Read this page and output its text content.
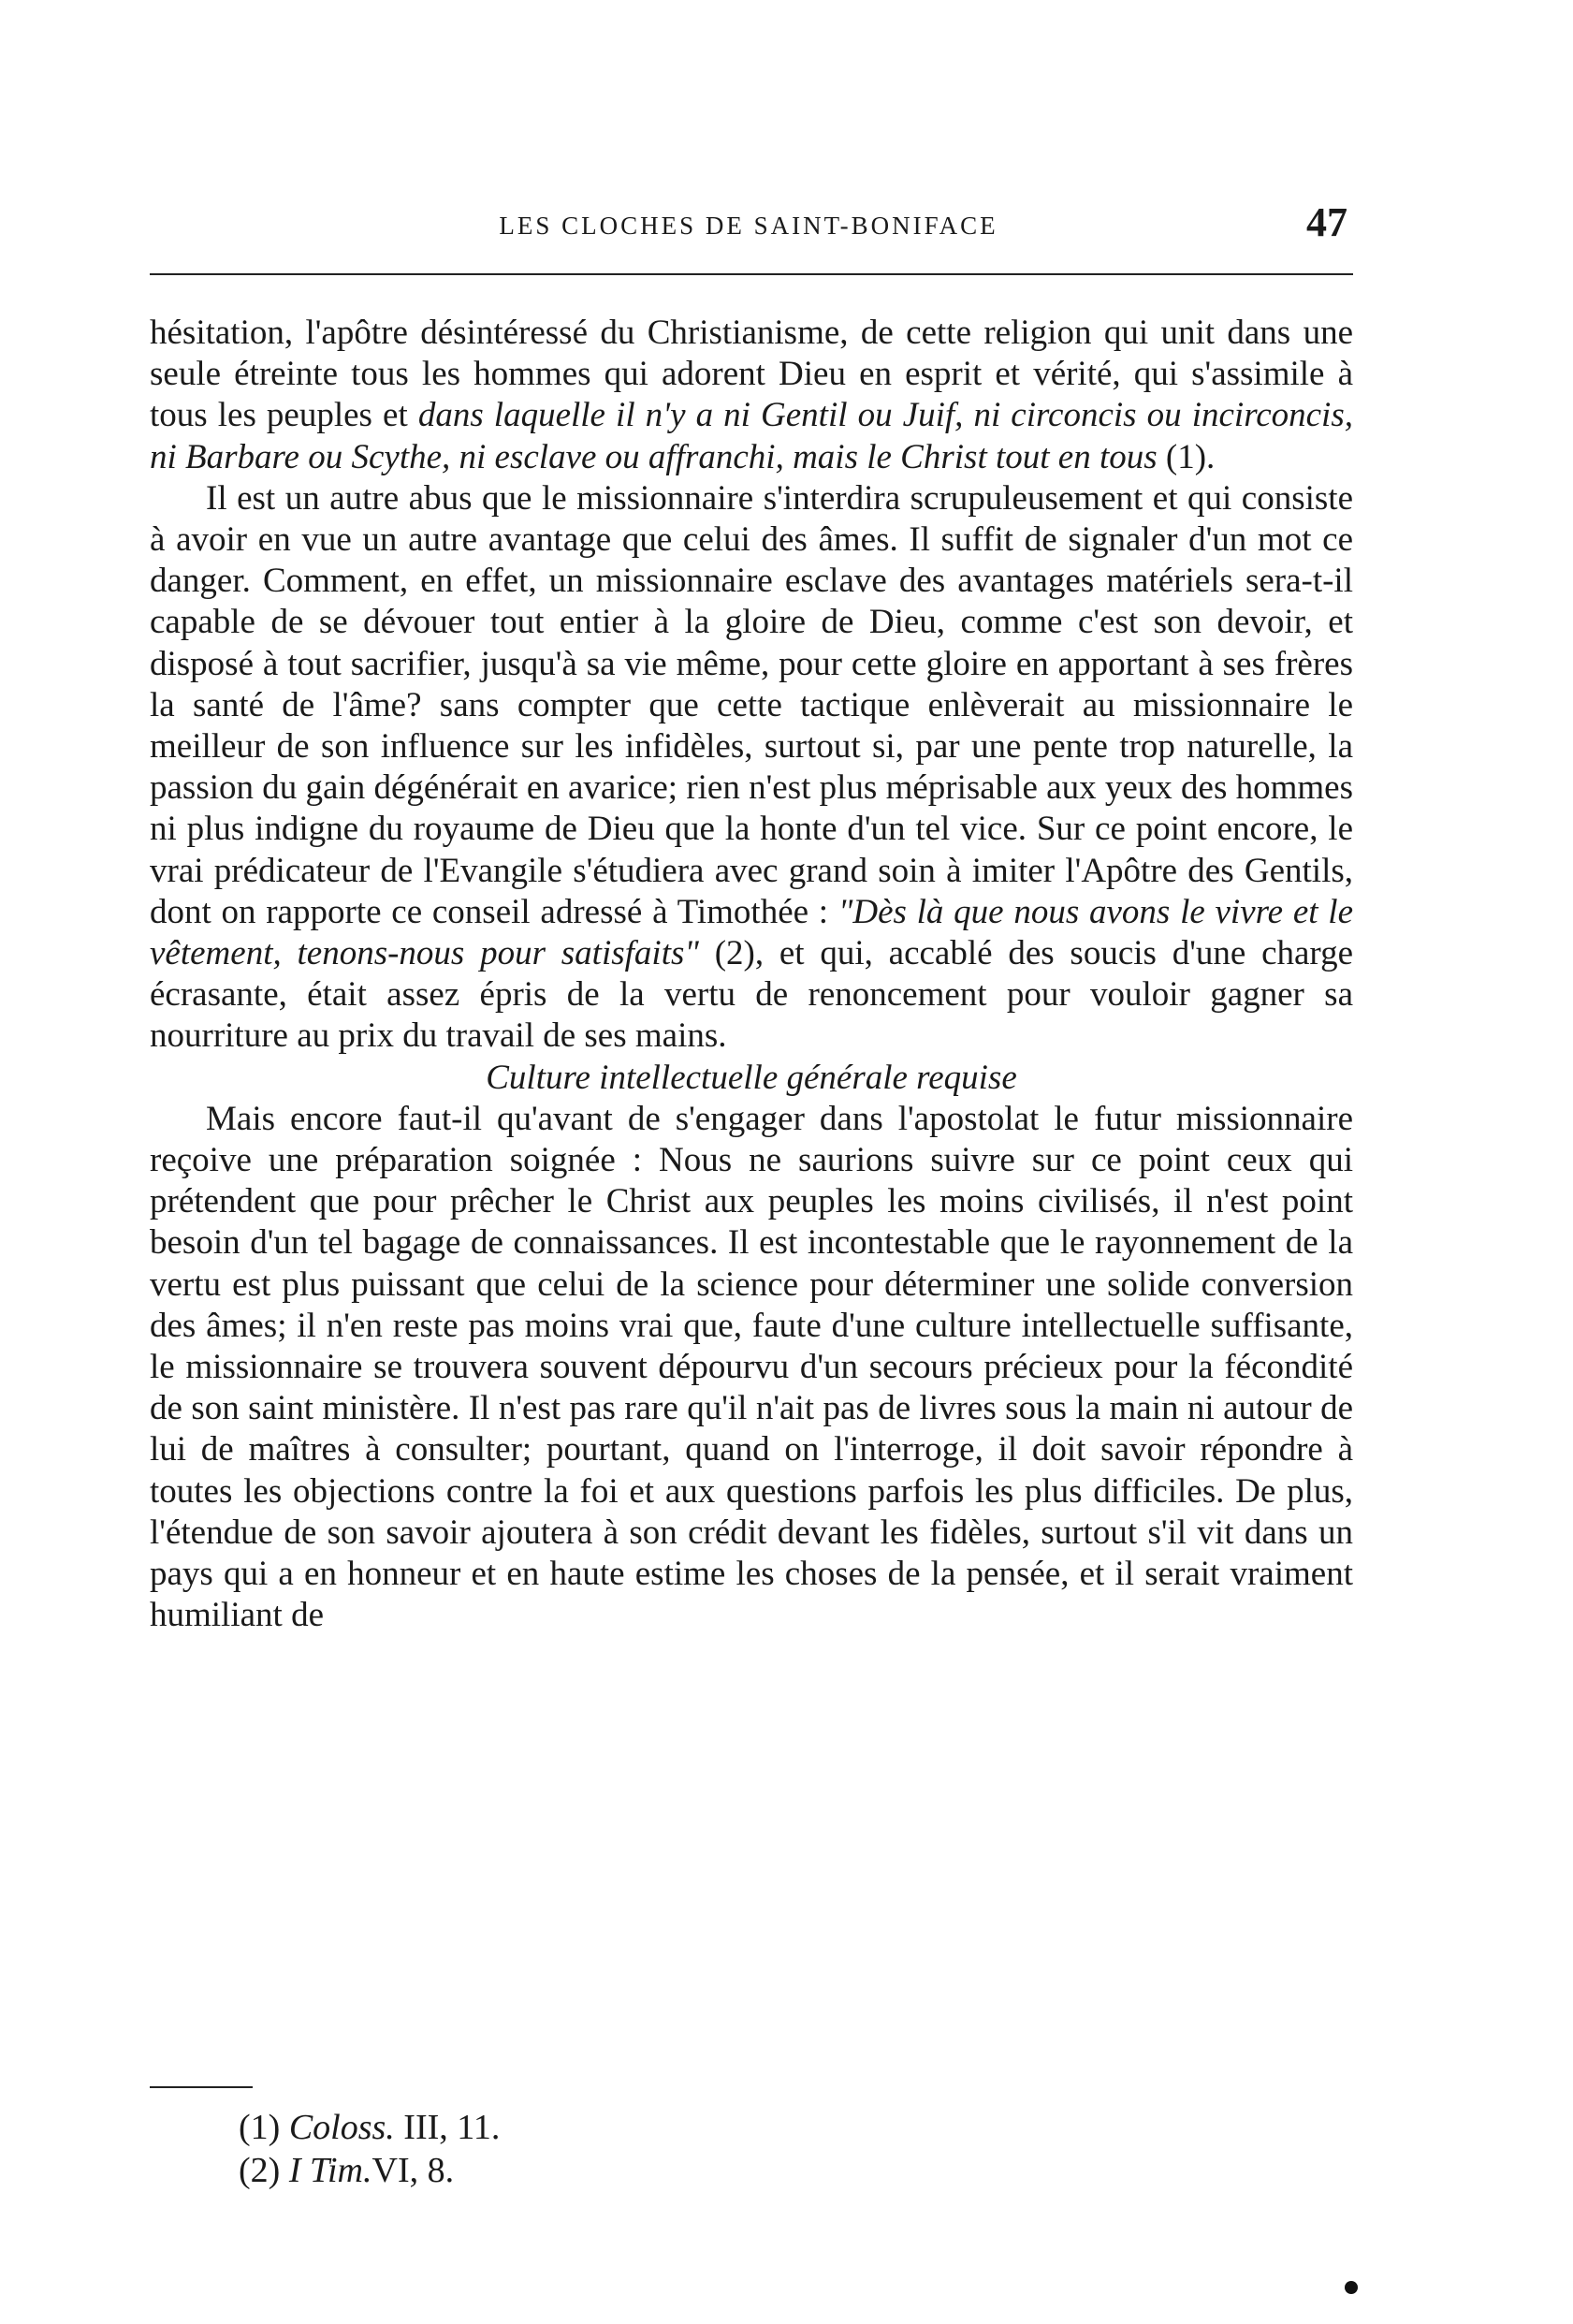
LES CLOCHES DE SAINT-BONIFACE	47

hésitation, l'apôtre désintéressé du Christianisme, de cette religion qui unit dans une seule étreinte tous les hommes qui adorent Dieu en esprit et vérité, qui s'assimile à tous les peuples et dans laquelle il n'y a ni Gentil ou Juif, ni circoncis ou incirconcis, ni Barbare ou Scythe, ni esclave ou affranchi, mais le Christ tout en tous (1).

Il est un autre abus que le missionnaire s'interdira scrupuleusement et qui consiste à avoir en vue un autre avantage que celui des âmes. Il suffit de signaler d'un mot ce danger. Comment, en effet, un missionnaire esclave des avantages matériels sera-t-il capable de se dévouer tout entier à la gloire de Dieu, comme c'est son devoir, et disposé à tout sacrifier, jusqu'à sa vie même, pour cette gloire en apportant à ses frères la santé de l'âme? sans compter que cette tactique enlèverait au missionnaire le meilleur de son influence sur les infidèles, surtout si, par une pente trop naturelle, la passion du gain dégénérait en avarice; rien n'est plus méprisable aux yeux des hommes ni plus indigne du royaume de Dieu que la honte d'un tel vice. Sur ce point encore, le vrai prédicateur de l'Evangile s'étudiera avec grand soin à imiter l'Apôtre des Gentils, dont on rapporte ce conseil adressé à Timothée : "Dès là que nous avons le vivre et le vêtement, tenons-nous pour satisfaits" (2), et qui, accablé des soucis d'une charge écrasante, était assez épris de la vertu de renoncement pour vouloir gagner sa nourriture au prix du travail de ses mains.

Culture intellectuelle générale requise

Mais encore faut-il qu'avant de s'engager dans l'apostolat le futur missionnaire reçoive une préparation soignée : Nous ne saurions suivre sur ce point ceux qui prétendent que pour prêcher le Christ aux peuples les moins civilisés, il n'est point besoin d'un tel bagage de connaissances. Il est incontestable que le rayonnement de la vertu est plus puissant que celui de la science pour déterminer une solide conversion des âmes; il n'en reste pas moins vrai que, faute d'une culture intellectuelle suffisante, le missionnaire se trouvera souvent dépourvu d'un secours précieux pour la fécondité de son saint ministère. Il n'est pas rare qu'il n'ait pas de livres sous la main ni autour de lui de maîtres à consulter; pourtant, quand on l'interroge, il doit savoir répondre à toutes les objections contre la foi et aux questions parfois les plus difficiles. De plus, l'étendue de son savoir ajoutera à son crédit devant les fidèles, surtout s'il vit dans un pays qui a en honneur et en haute estime les choses de la pensée, et il serait vraiment humiliant de

(1) Coloss. III, 11.

(2) I Tim.VI, 8.
